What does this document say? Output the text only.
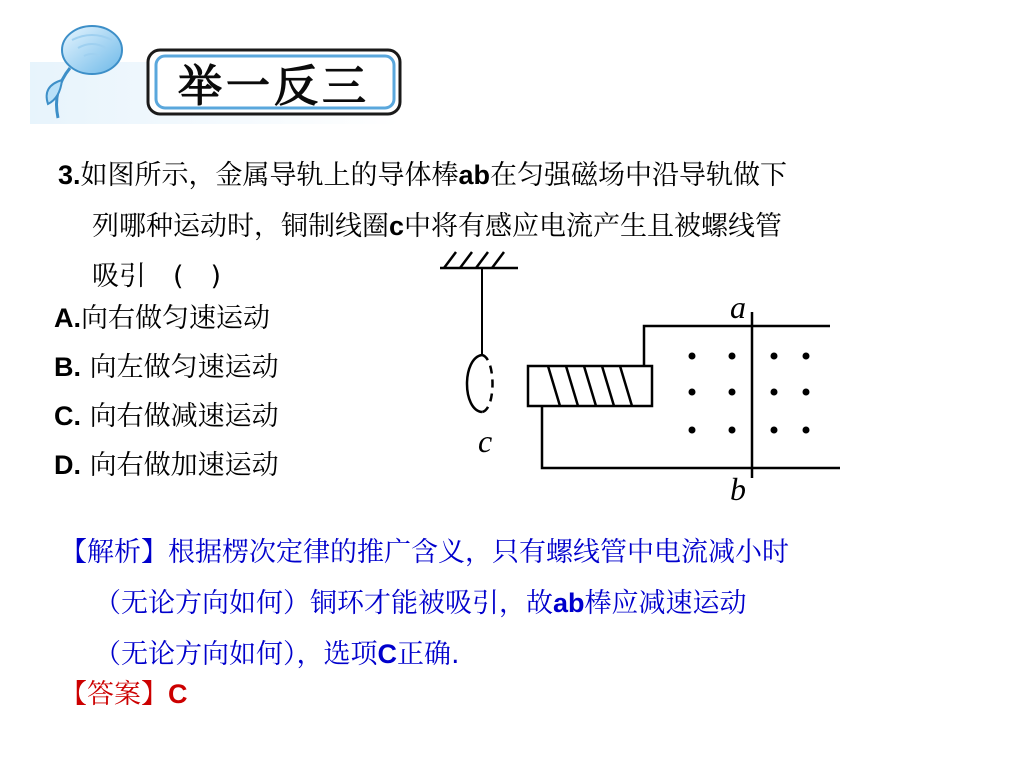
举一反三
3.如图所示，金属导轨上的导体棒ab在匀强磁场中沿导轨做下
列哪种运动时，铜制线圈c中将有感应电流产生且被螺线管
吸引　(　)
A.向右做匀速运动
B. 向左做匀速运动
C. 向右做减速运动
D. 向右做加速运动
c
a
b
【解析】根据楞次定律的推广含义，只有螺线管中电流减小时
（无论方向如何）铜环才能被吸引，故ab棒应减速运动
（无论方向如何），选项C正确.
【答案】C
